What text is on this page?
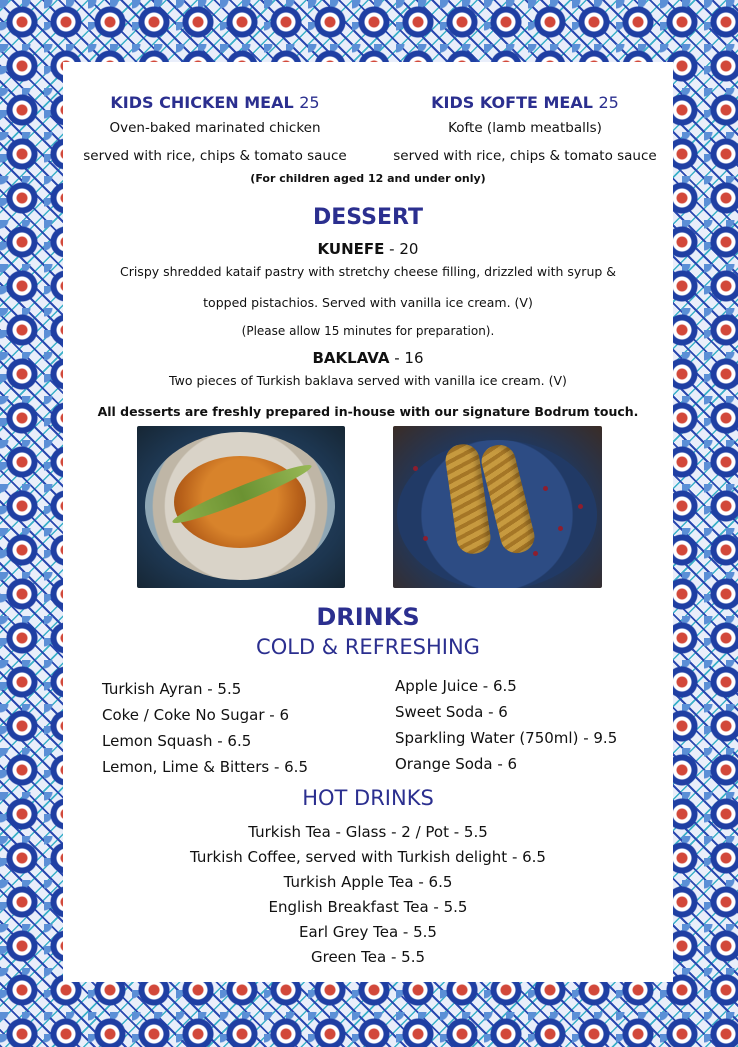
KIDS CHICKEN MEAL 25
Oven-baked marinated chicken
served with rice, chips & tomato sauce
KIDS KOFTE MEAL 25
Kofte (lamb meatballs)
served with rice, chips & tomato sauce
(For children aged 12 and under only)
DESSERT
KUNEFE - 20
Crispy shredded kataif pastry with stretchy cheese filling, drizzled with syrup &
topped pistachios. Served with vanilla ice cream. (V)
(Please allow 15 minutes for preparation).
BAKLAVA - 16
Two pieces of Turkish baklava served with vanilla ice cream. (V)
All desserts are freshly prepared in-house with our signature Bodrum touch.
DRINKS
COLD & REFRESHING
Turkish Ayran - 5.5
Coke / Coke No Sugar - 6
Lemon Squash - 6.5
Lemon, Lime & Bitters - 6.5
Apple Juice - 6.5
Sweet Soda - 6
Sparkling Water (750ml) - 9.5
Orange Soda - 6
HOT DRINKS
Turkish Tea - Glass - 2 / Pot - 5.5
Turkish Coffee, served with Turkish delight - 6.5
Turkish Apple Tea - 6.5
English Breakfast Tea - 5.5
Earl Grey Tea - 5.5
Green Tea - 5.5
